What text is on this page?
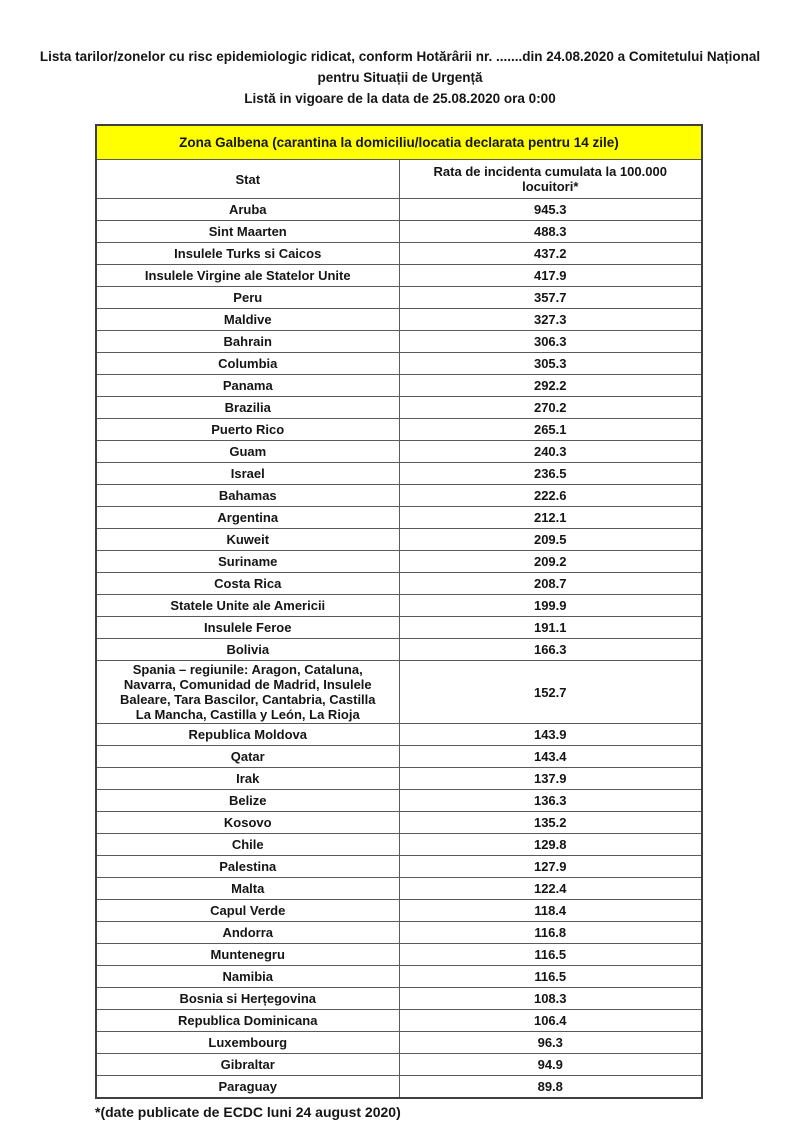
Lista tarilor/zonelor cu risc epidemiologic ridicat, conform Hotărârii nr. .......din 24.08.2020 a Comitetului Național
pentru Situații de Urgență
Listă in vigoare de la data de 25.08.2020 ora 0:00
Zona Galbena (carantina la domiciliu/locatia declarata pentru 14 zile)	
Stat	Rata de incidenta cumulata la 100.000 locuitori*
Aruba	945.3
Sint Maarten	488.3
Insulele Turks si Caicos	437.2
Insulele Virgine ale Statelor Unite	417.9
Peru	357.7
Maldive	327.3
Bahrain	306.3
Columbia	305.3
Panama	292.2
Brazilia	270.2
Puerto Rico	265.1
Guam	240.3
Israel	236.5
Bahamas	222.6
Argentina	212.1
Kuweit	209.5
Suriname	209.2
Costa Rica	208.7
Statele Unite ale Americii	199.9
Insulele Feroe	191.1
Bolivia	166.3
Spania – regiunile: Aragon, Cataluna, Navarra, Comunidad de Madrid, Insulele Baleare, Tara Bascilor, Cantabria, Castilla La Mancha, Castilla y León, La Rioja	152.7
Republica Moldova	143.9
Qatar	143.4
Irak	137.9
Belize	136.3
Kosovo	135.2
Chile	129.8
Palestina	127.9
Malta	122.4
Capul Verde	118.4
Andorra	116.8
Muntenegru	116.5
Namibia	116.5
Bosnia si Herțegovina	108.3
Republica Dominicana	106.4
Luxembourg	96.3
Gibraltar	94.9
Paraguay	89.8
*(date publicate de ECDC luni 24 august 2020)
